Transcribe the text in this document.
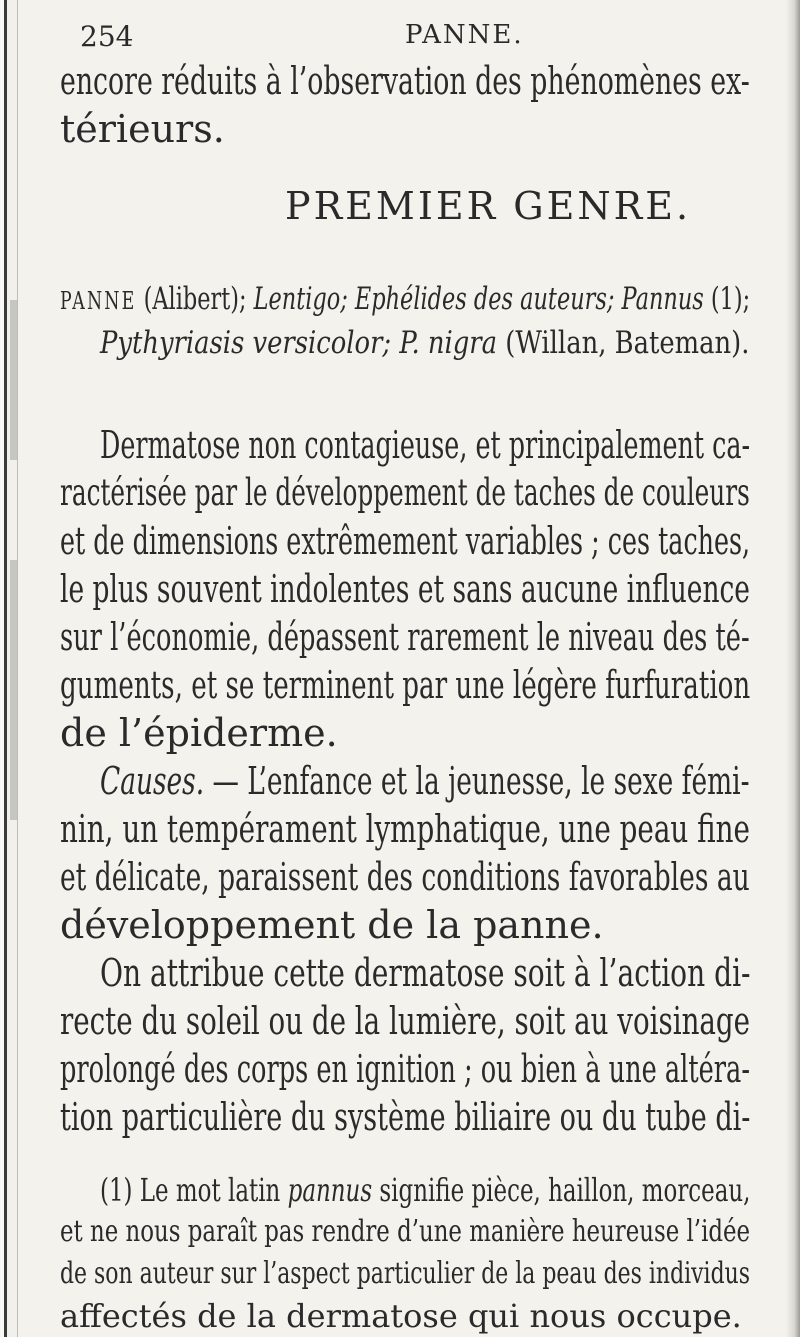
254	PANNE.
encore réduits à l’observation des phénomènes ex-
térieurs.
PREMIER GENRE.
PANNE (Alibert); Lentigo; Ephélides des auteurs; Pannus (1);
Pythyriasis versicolor; P. nigra (Willan, Bateman).
Dermatose non contagieuse, et principalement ca-
ractérisée par le développement de taches de couleurs
et de dimensions extrêmement variables ; ces taches,
le plus souvent indolentes et sans aucune influence
sur l’économie, dépassent rarement le niveau des té-
guments, et se terminent par une légère furfuration
de l’épiderme.
Causes. — L’enfance et la jeunesse, le sexe fémi-
nin, un tempérament lymphatique, une peau fine
et délicate, paraissent des conditions favorables au
développement de la panne.
On attribue cette dermatose soit à l’action di-
recte du soleil ou de la lumière, soit au voisinage
prolongé des corps en ignition ; ou bien à une altéra-
tion particulière du système biliaire ou du tube di-
(1) Le mot latin pannus signifie pièce, haillon, morceau,
et ne nous paraît pas rendre d’une manière heureuse l’idée
de son auteur sur l’aspect particulier de la peau des individus
affectés de la dermatose qui nous occupe.
